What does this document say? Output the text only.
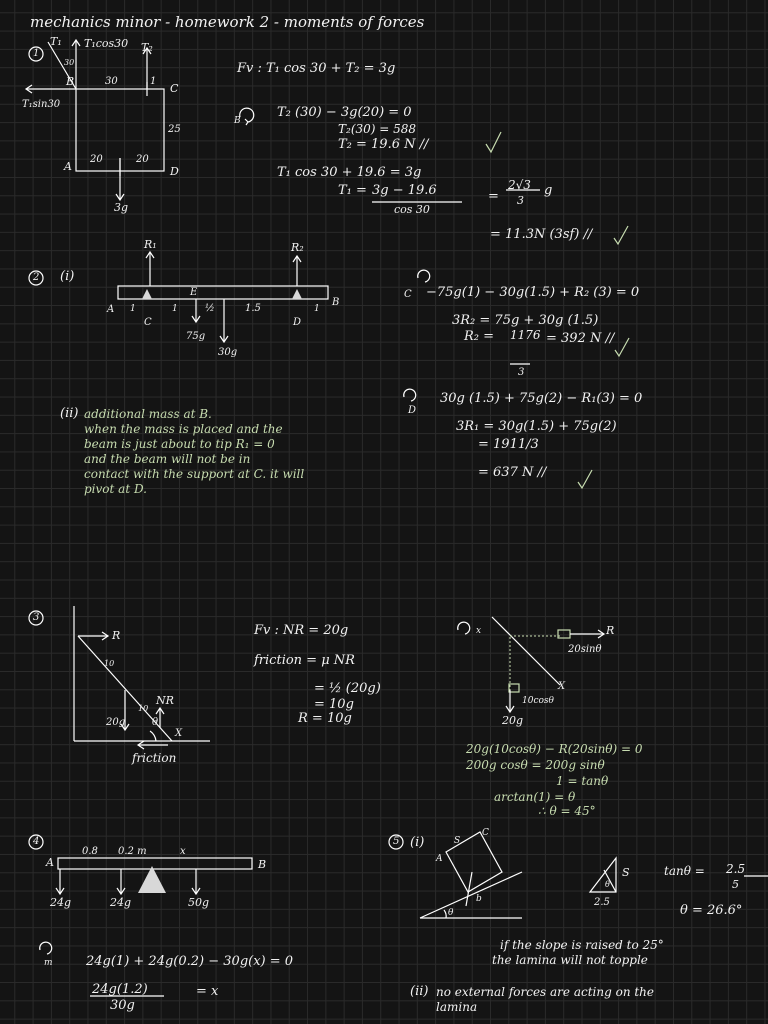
mechanics minor - homework 2 - moments of forces
1
T₁ T₁cos30 T₂
30
B
C
30	1
T₁sin30
25
A	D
20	20
3g
Fv : T₁ cos 30 + T₂ = 3g
B
T₂ (30) − 3g(20) = 0
T₂(30) = 588
T₂ = 19.6 N //
T₁ cos 30 + 19.6 = 3g
T₁ = 3g − 19.6
cos 30
=
2√3
3
g
= 11.3N (3sf) //
2 (i)
R₁	R₂
A 1
C
1
E
½	1.5	1
D
B
75g
30g
C −75g(1) − 30g(1.5) + R₂ (3) = 0
3R₂ = 75g + 30g (1.5)
R₂ = 1176
3
= 392 N //
D
30g (1.5) + 75g(2) − R₁(3) = 0
3R₁ = 30g(1.5) + 75g(2)
= 1911/3
= 637 N //
(ii) additional mass at B.
when the mass is placed and the
beam is just about to tip R₁ = 0
and the beam will not be in
contact with the support at C. it will
pivot at D.
3
R
10
10
NR
20g	θ
X
friction
Fv : NR = 20g
friction = μ NR
= ½ (20g)
= 10g
R = 10g
x	R
20sinθ
X
10cosθ
20g
20g(10cosθ) − R(20sinθ) = 0
200g cosθ = 200g sinθ
1 = tanθ
arctan(1) = θ
∴ θ = 45°
4
A	B
0.8 0.2 m	x
24g	24g	50g
m	24g(1) + 24g(0.2) − 30g(x) = 0
24g(1.2)
30g
= x
5 (i)
A
S
C
b
θ
S
2.5
θ
tanθ = 2.5
5
θ = 26.6°
if the slope is raised to 25°
the lamina will not topple
(ii) no external forces are acting on the
lamina
